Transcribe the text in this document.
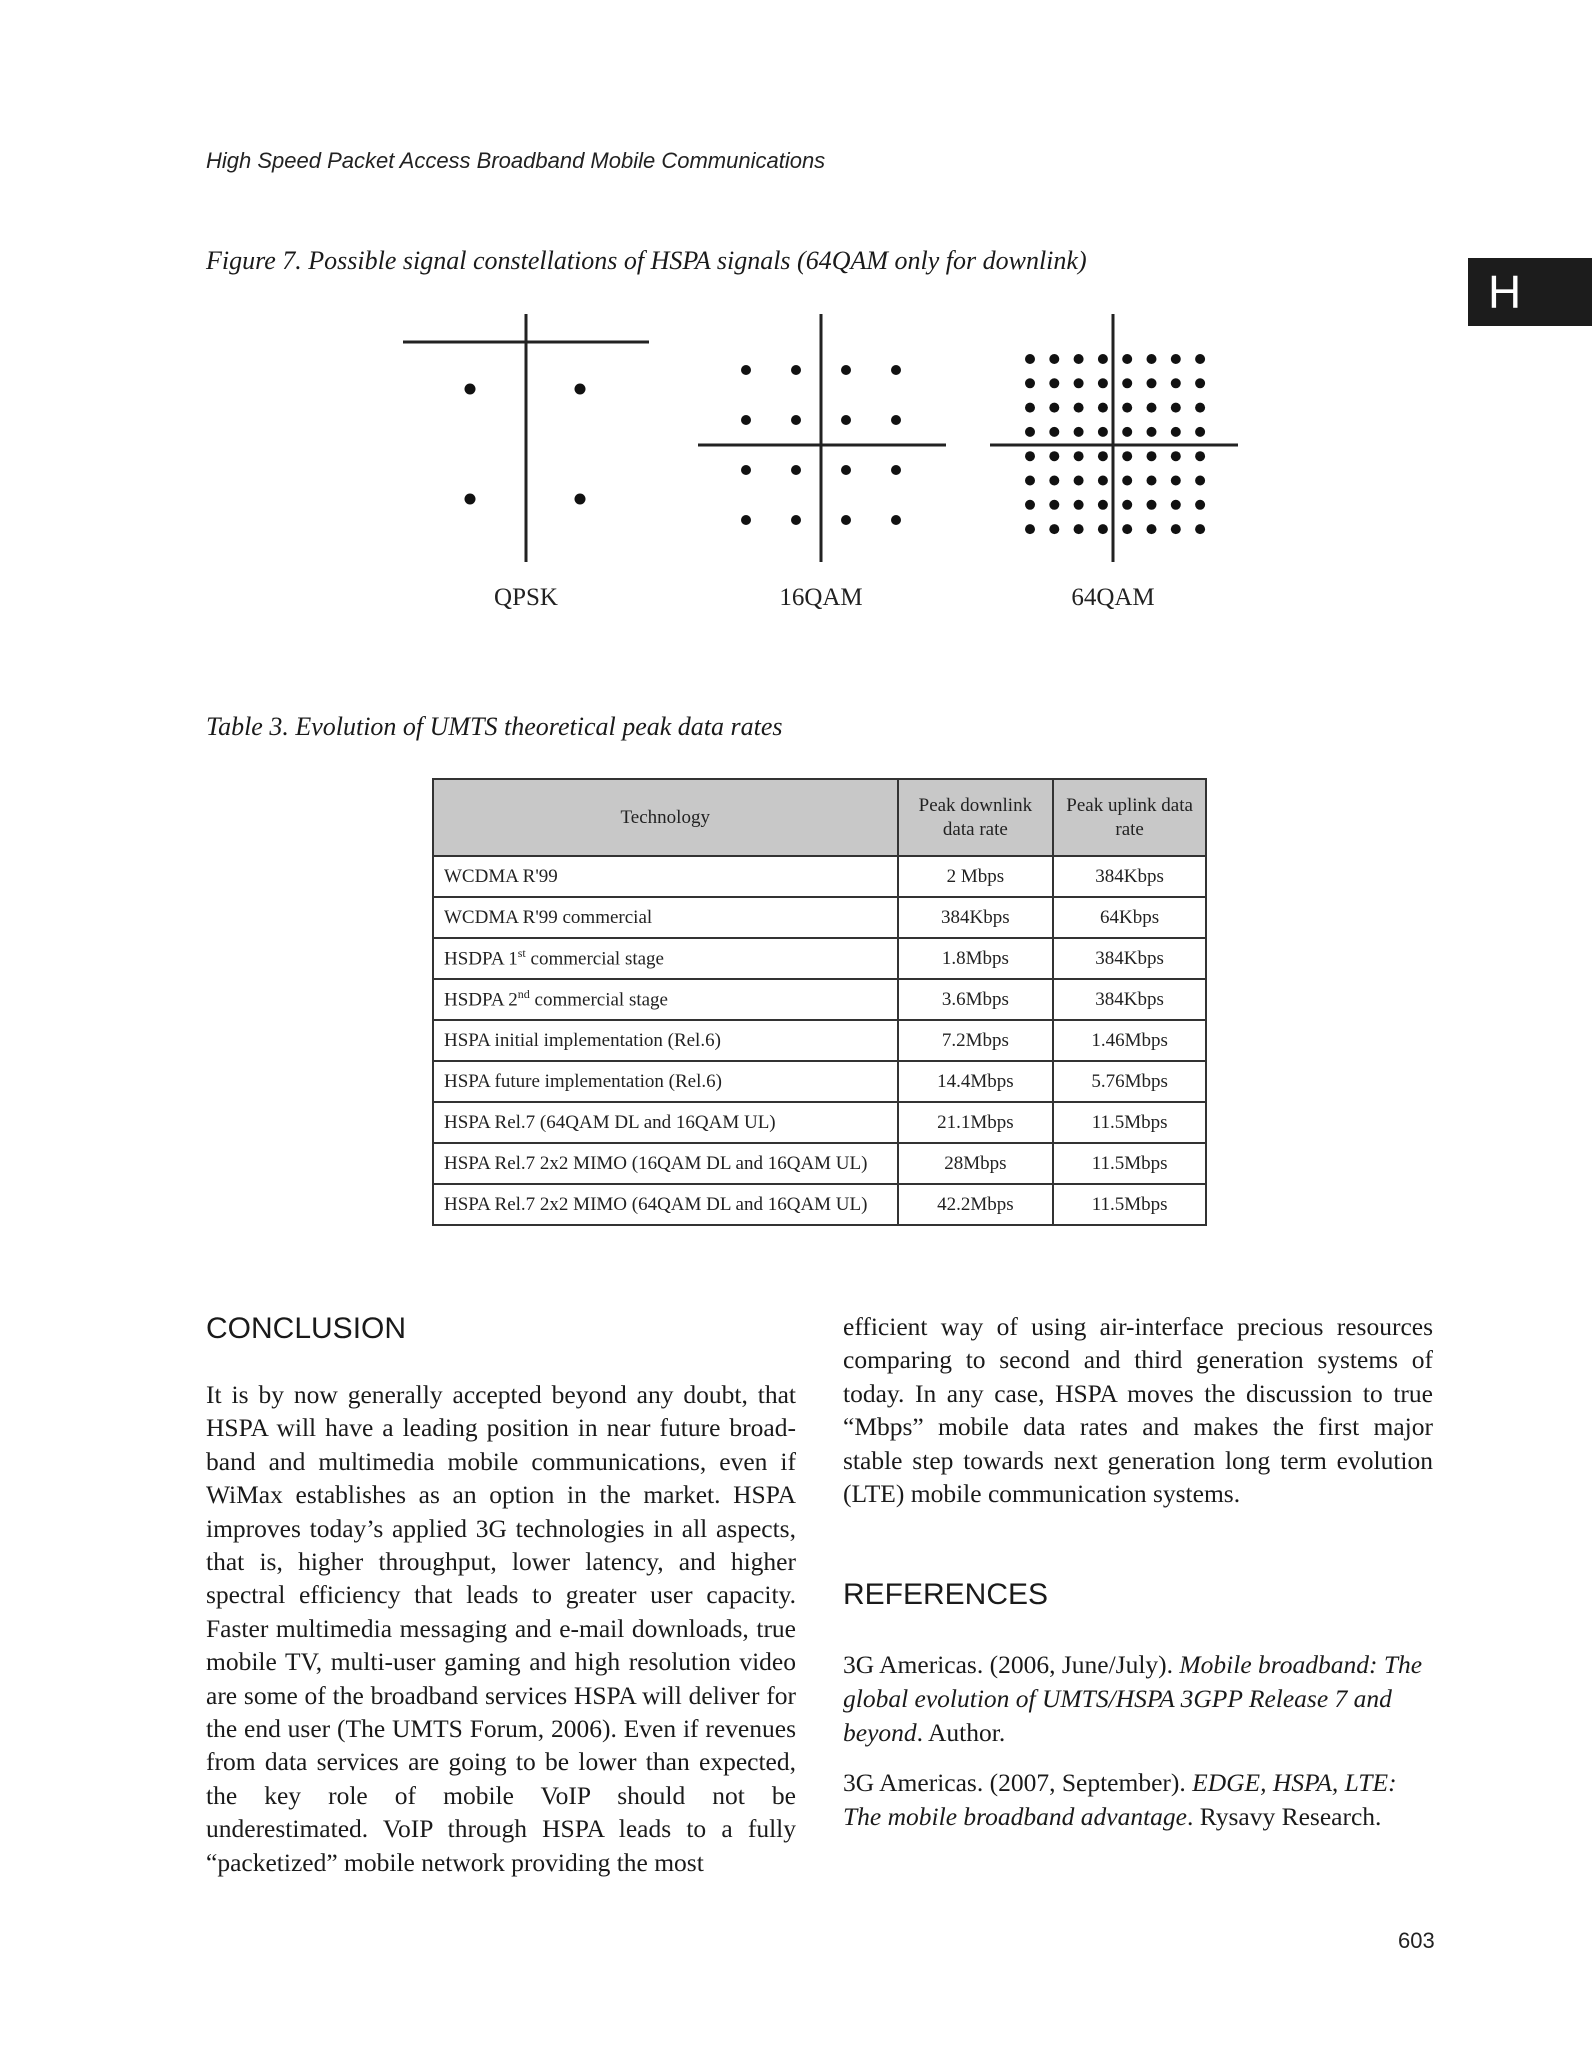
High Speed Packet Access Broadband Mobile Communications
H
Figure 7. Possible signal constellations of HSPA signals (64QAM only for downlink)
QPSK	16QAM	64QAM
Table 3. Evolution of UMTS theoretical peak data rates
Technology	Peak downlink data rate	Peak uplink data rate
WCDMA R'99	2 Mbps	384Kbps
WCDMA R'99 commercial	384Kbps	64Kbps
HSDPA 1st commercial stage	1.8Mbps	384Kbps
HSDPA 2nd commercial stage	3.6Mbps	384Kbps
HSPA initial implementation (Rel.6)	7.2Mbps	1.46Mbps
HSPA future implementation (Rel.6)	14.4Mbps	5.76Mbps
HSPA Rel.7 (64QAM DL and 16QAM UL)	21.1Mbps	11.5Mbps
HSPA Rel.7 2x2 MIMO (16QAM DL and 16QAM UL)	28Mbps	11.5Mbps
HSPA Rel.7 2x2 MIMO (64QAM DL and 16QAM UL)	42.2Mbps	11.5Mbps
CONCLUSION
It is by now generally accepted beyond any doubt, that HSPA will have a leading position in near future broad-band and multimedia mobile communications, even if WiMax establishes as an option in the market. HSPA improves today’s applied 3G technologies in all aspects, that is, higher throughput, lower latency, and higher spectral efficiency that leads to greater user capacity. Faster multimedia messaging and e-mail downloads, true mobile TV, multi-user gaming and high resolution video are some of the broadband services HSPA will deliver for the end user (The UMTS Forum, 2006). Even if revenues from data services are going to be lower than expected, the key role of mobile VoIP should not be underestimated. VoIP through HSPA leads to a fully “packetized” mobile network providing the most
efficient way of using air-interface precious resources comparing to second and third generation systems of today. In any case, HSPA moves the discussion to true “Mbps” mobile data rates and makes the first major stable step towards next generation long term evolution (LTE) mobile communication systems.
REFERENCES
3G Americas. (2006, June/July). Mobile broadband: The global evolution of UMTS/HSPA 3GPP Release 7 and beyond. Author.
3G Americas. (2007, September). EDGE, HSPA, LTE: The mobile broadband advantage. Rysavy Research.
603
